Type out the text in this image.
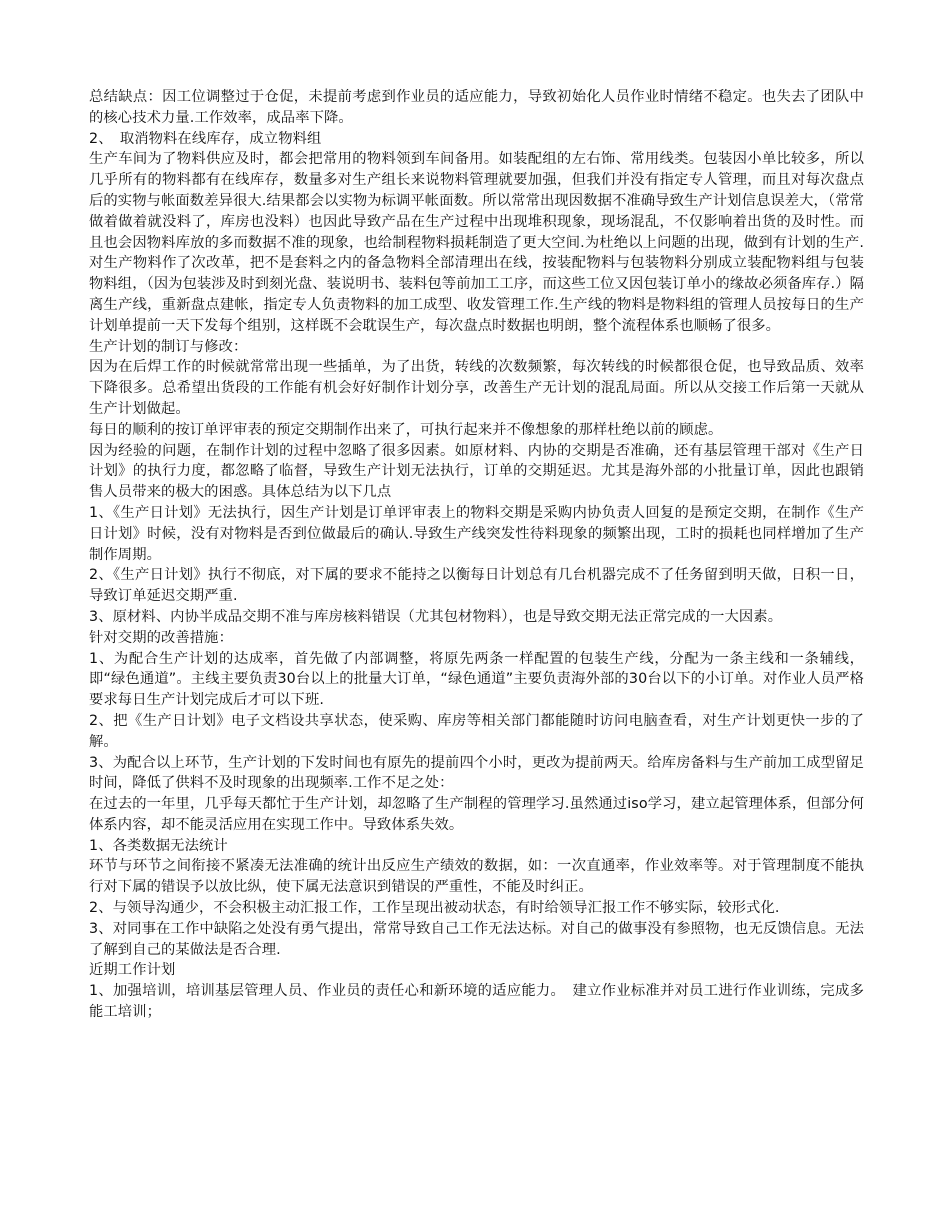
总结缺点：因工位调整过于仓促，未提前考虑到作业员的适应能力，导致初始化人员作业时情绪不稳定。也失去了团队中的核心技术力量.工作效率，成品率下降。

2、　取消物料在线库存，成立物料组

生产车间为了物料供应及时，都会把常用的物料领到车间备用。如装配组的左右饰、常用线类。包装因小单比较多，所以几乎所有的物料都有在线库存，数量多对生产组长来说物料管理就要加强，但我们并没有指定专人管理，而且对每次盘点后的实物与帐面数差异很大.结果都会以实物为标调平帐面数。所以常常出现因数据不准确导致生产计划信息误差大，（常常做着做着就没料了，库房也没料）也因此导致产品在生产过程中出现堆积现象，现场混乱，不仅影响着出货的及时性。而且也会因物料库放的多而数据不准的现象，也给制程物料损耗制造了更大空间.为杜绝以上问题的出现，做到有计划的生产.对生产物料作了次改革，把不是套料之内的备急物料全部清理出在线，按装配物料与包装物料分别成立装配物料组与包装物料组，（因为包装涉及时到刻光盘、装说明书、装料包等前加工工序，而这些工位又因包装订单小的缘故必须备库存.）隔离生产线，重新盘点建帐，指定专人负责物料的加工成型、收发管理工作.生产线的物料是物料组的管理人员按每日的生产计划单提前一天下发每个组别，这样既不会耽误生产，每次盘点时数据也明朗，整个流程体系也顺畅了很多。

生产计划的制订与修改：

因为在后焊工作的时候就常常出现一些插单，为了出货，转线的次数频繁，每次转线的时候都很仓促，也导致品质、效率下降很多。总希望出货段的工作能有机会好好制作计划分享，改善生产无计划的混乱局面。所以从交接工作后第一天就从生产计划做起。

每日的顺利的按订单评审表的预定交期制作出来了，可执行起来并不像想象的那样杜绝以前的顾虑。

因为经验的问题，在制作计划的过程中忽略了很多因素。如原材料、内协的交期是否准确，还有基层管理干部对《生产日计划》的执行力度，都忽略了临督，导致生产计划无法执行，订单的交期延迟。尤其是海外部的小批量订单，因此也跟销售人员带来的极大的困惑。具体总结为以下几点

1、《生产日计划》无法执行，因生产计划是订单评审表上的物料交期是采购内协负责人回复的是预定交期，在制作《生产日计划》时候，没有对物料是否到位做最后的确认.导致生产线突发性待料现象的频繁出现，工时的损耗也同样增加了生产制作周期。

2、《生产日计划》执行不彻底，对下属的要求不能持之以衡每日计划总有几台机器完成不了任务留到明天做，日积一日，导致订单延迟交期严重.

3、原材料、内协半成品交期不准与库房核料错误（尤其包材物料），也是导致交期无法正常完成的一大因素。

针对交期的改善措施：

1、为配合生产计划的达成率，首先做了内部调整，将原先两条一样配置的包装生产线，分配为一条主线和一条辅线，即“绿色通道”。主线主要负责30台以上的批量大订单，“绿色通道”主要负责海外部的30台以下的小订单。对作业人员严格要求每日生产计划完成后才可以下班.

2、把《生产日计划》电子文档设共享状态，使采购、库房等相关部门都能随时访问电脑查看，对生产计划更快一步的了解。

3、为配合以上环节，生产计划的下发时间也有原先的提前四个小时，更改为提前两天。给库房备料与生产前加工成型留足时间，降低了供料不及时现象的出现频率.工作不足之处：

在过去的一年里，几乎每天都忙于生产计划，却忽略了生产制程的管理学习.虽然通过iso学习，建立起管理体系，但部分何体系内容，却不能灵活应用在实现工作中。导致体系失效。

1、各类数据无法统计

环节与环节之间衔接不紧凑无法准确的统计出反应生产绩效的数据，如：一次直通率，作业效率等。对于管理制度不能执行对下属的错误予以放比纵，使下属无法意识到错误的严重性，不能及时纠正。

2、与领导沟通少，不会积极主动汇报工作，工作呈现出被动状态，有时给领导汇报工作不够实际，较形式化.

3、对同事在工作中缺陷之处没有勇气提出，常常导致自己工作无法达标。对自己的做事没有参照物，也无反馈信息。无法了解到自己的某做法是否合理.

近期工作计划

1、加强培训，培训基层管理人员、作业员的责任心和新环境的适应能力。　建立作业标准并对员工进行作业训练，完成多能工培训；
